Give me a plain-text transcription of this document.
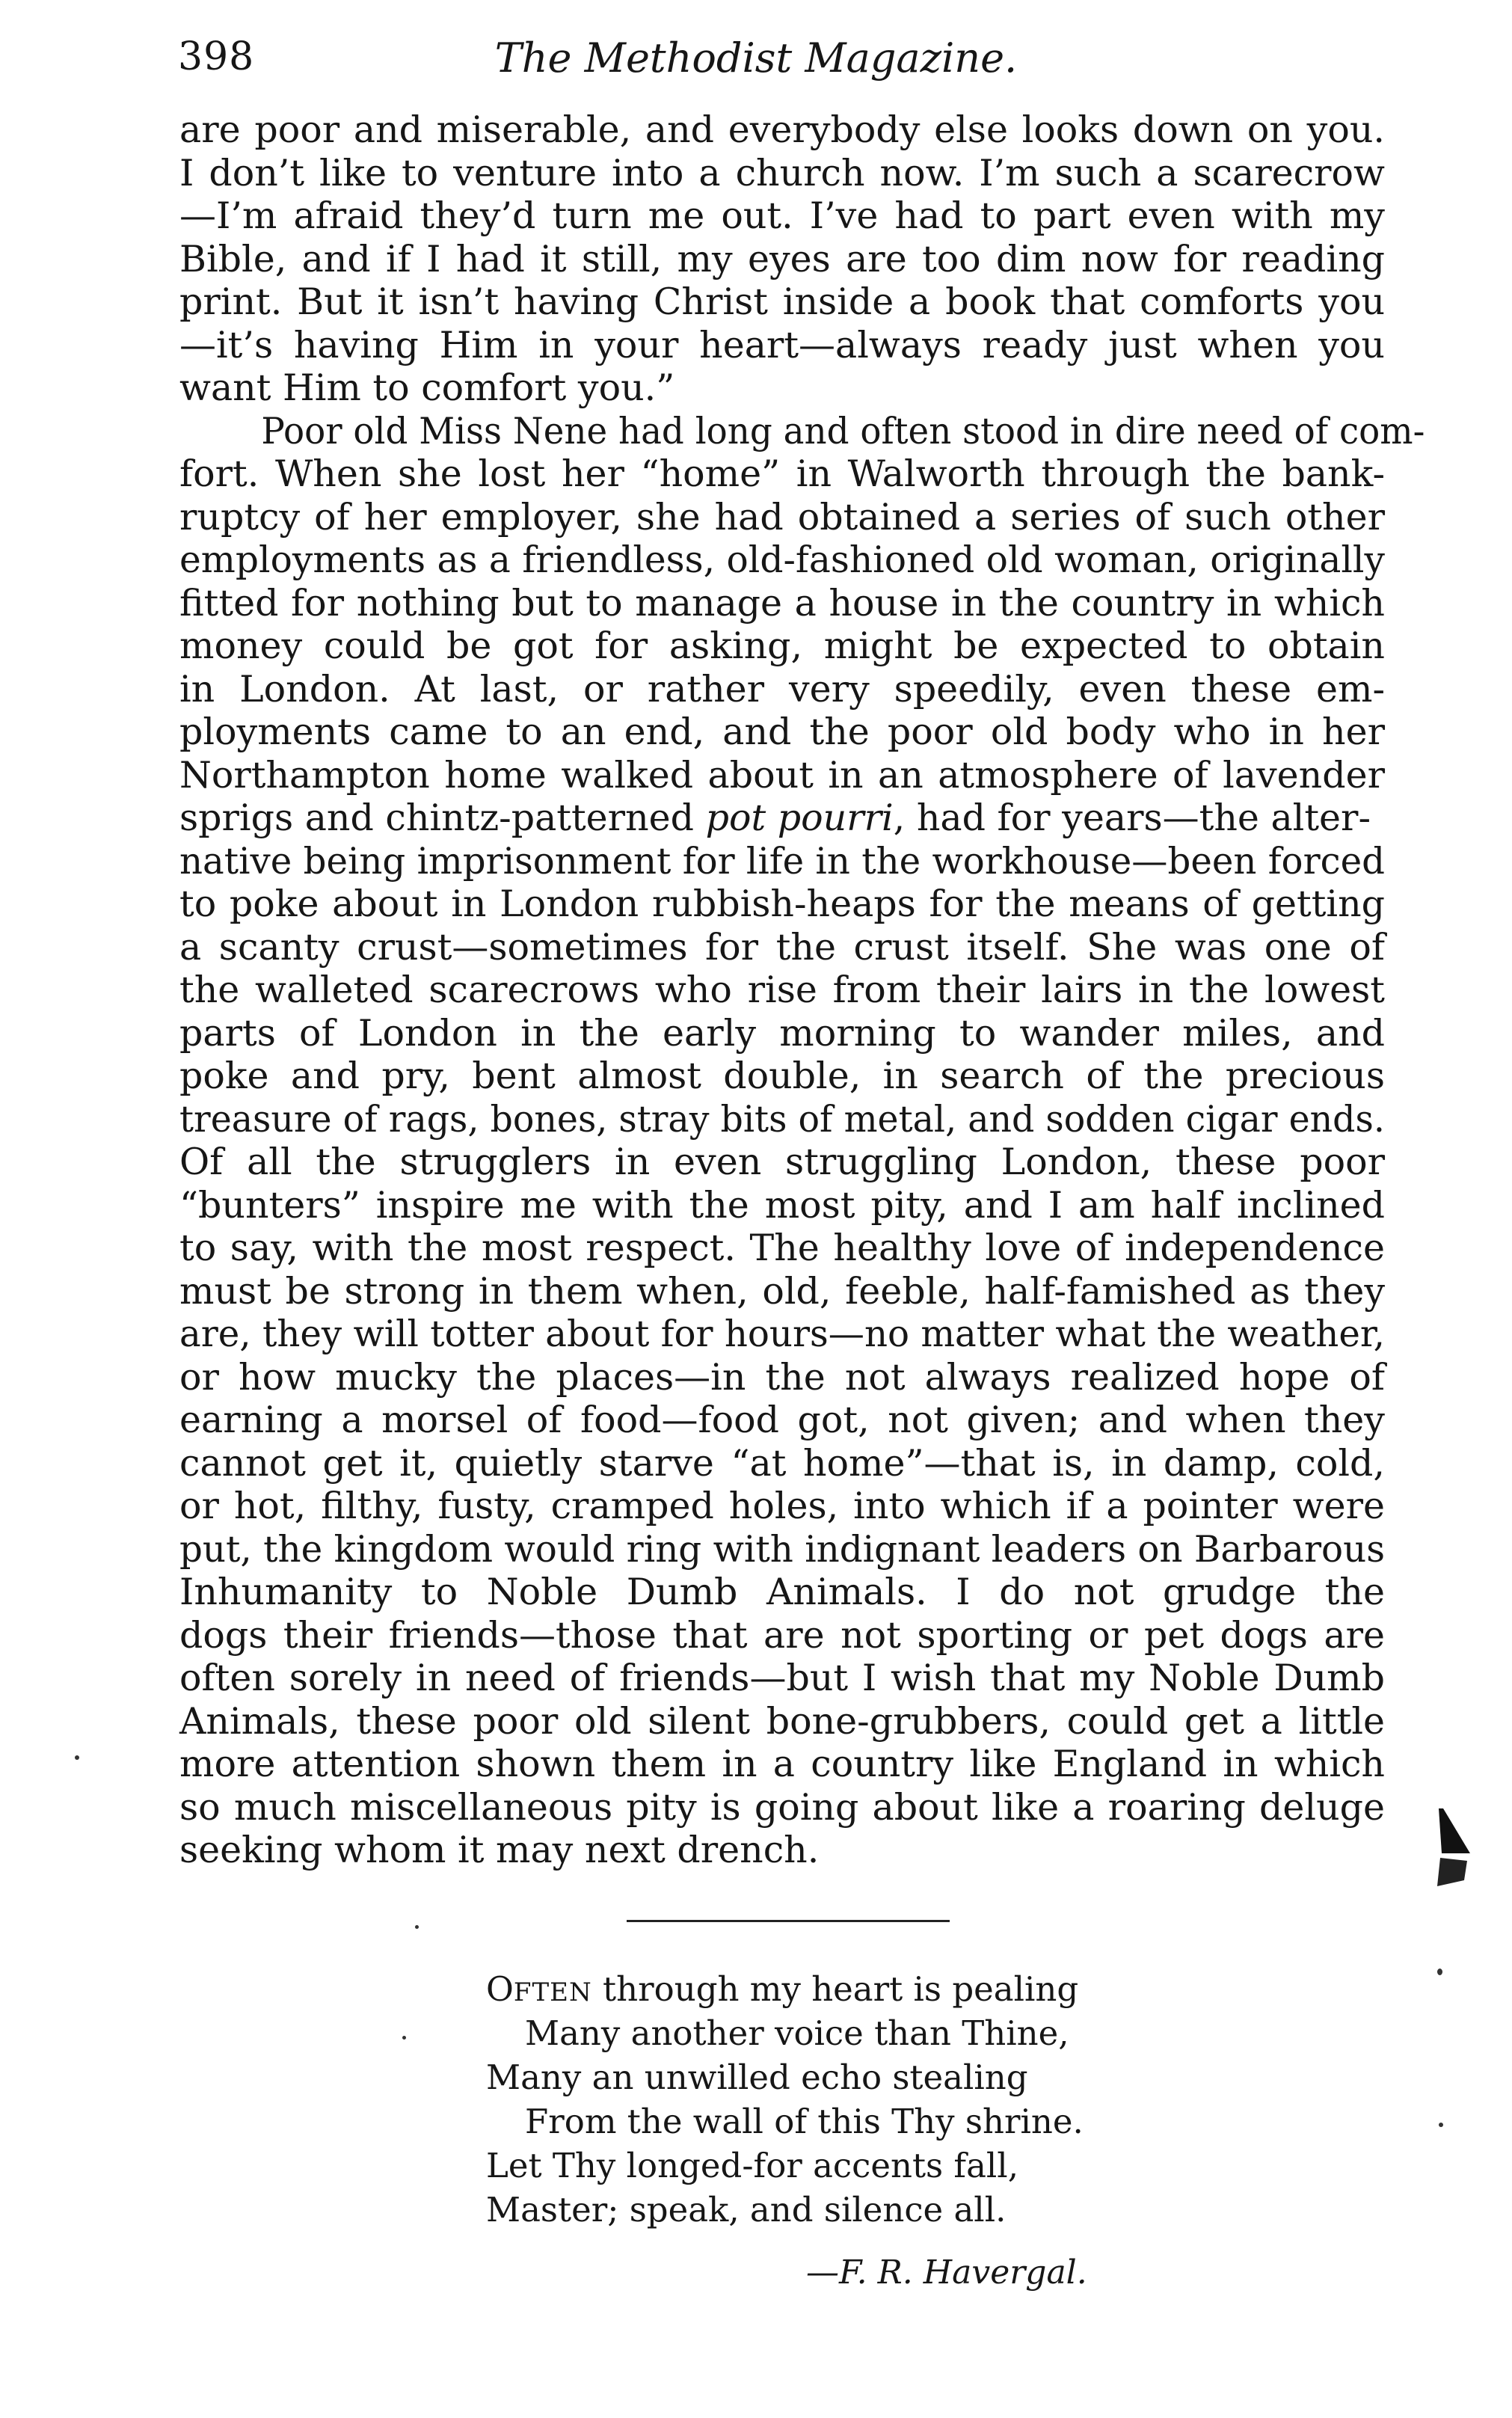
398	The Methodist Magazine.
are poor and miserable, and everybody else looks down on you.
I don’t like to venture into a church now. I’m such a scarecrow
—I’m afraid they’d turn me out. I’ve had to part even with my
Bible, and if I had it still, my eyes are too dim now for reading
print. But it isn’t having Christ inside a book that comforts you
—it’s having Him in your heart—always ready just when you
want Him to comfort you.”
Poor old Miss Nene had long and often stood in dire need of com-
fort. When she lost her “home” in Walworth through the bank-
ruptcy of her employer, she had obtained a series of such other
employments as a friendless, old-fashioned old woman, originally
fitted for nothing but to manage a house in the country in which
money could be got for asking, might be expected to obtain
in London. At last, or rather very speedily, even these em-
ployments came to an end, and the poor old body who in her
Northampton home walked about in an atmosphere of lavender
sprigs and chintz-patterned pot pourri, had for years—the alter-
native being imprisonment for life in the workhouse—been forced
to poke about in London rubbish-heaps for the means of getting
a scanty crust—sometimes for the crust itself. She was one of
the walleted scarecrows who rise from their lairs in the lowest
parts of London in the early morning to wander miles, and
poke and pry, bent almost double, in search of the precious
treasure of rags, bones, stray bits of metal, and sodden cigar ends.
Of all the strugglers in even struggling London, these poor
“bunters” inspire me with the most pity, and I am half inclined
to say, with the most respect. The healthy love of independence
must be strong in them when, old, feeble, half-famished as they
are, they will totter about for hours—no matter what the weather,
or how mucky the places—in the not always realized hope of
earning a morsel of food—food got, not given; and when they
cannot get it, quietly starve “at home”—that is, in damp, cold,
or hot, filthy, fusty, cramped holes, into which if a pointer were
put, the kingdom would ring with indignant leaders on Barbarous
Inhumanity to Noble Dumb Animals. I do not grudge the
dogs their friends—those that are not sporting or pet dogs are
often sorely in need of friends—but I wish that my Noble Dumb
Animals, these poor old silent bone-grubbers, could get a little
more attention shown them in a country like England in which
so much miscellaneous pity is going about like a roaring deluge
seeking whom it may next drench.
OFTEN through my heart is pealing
Many another voice than Thine,
Many an unwilled echo stealing
From the wall of this Thy shrine.
Let Thy longed-for accents fall,
Master; speak, and silence all.
—F. R. Havergal.
